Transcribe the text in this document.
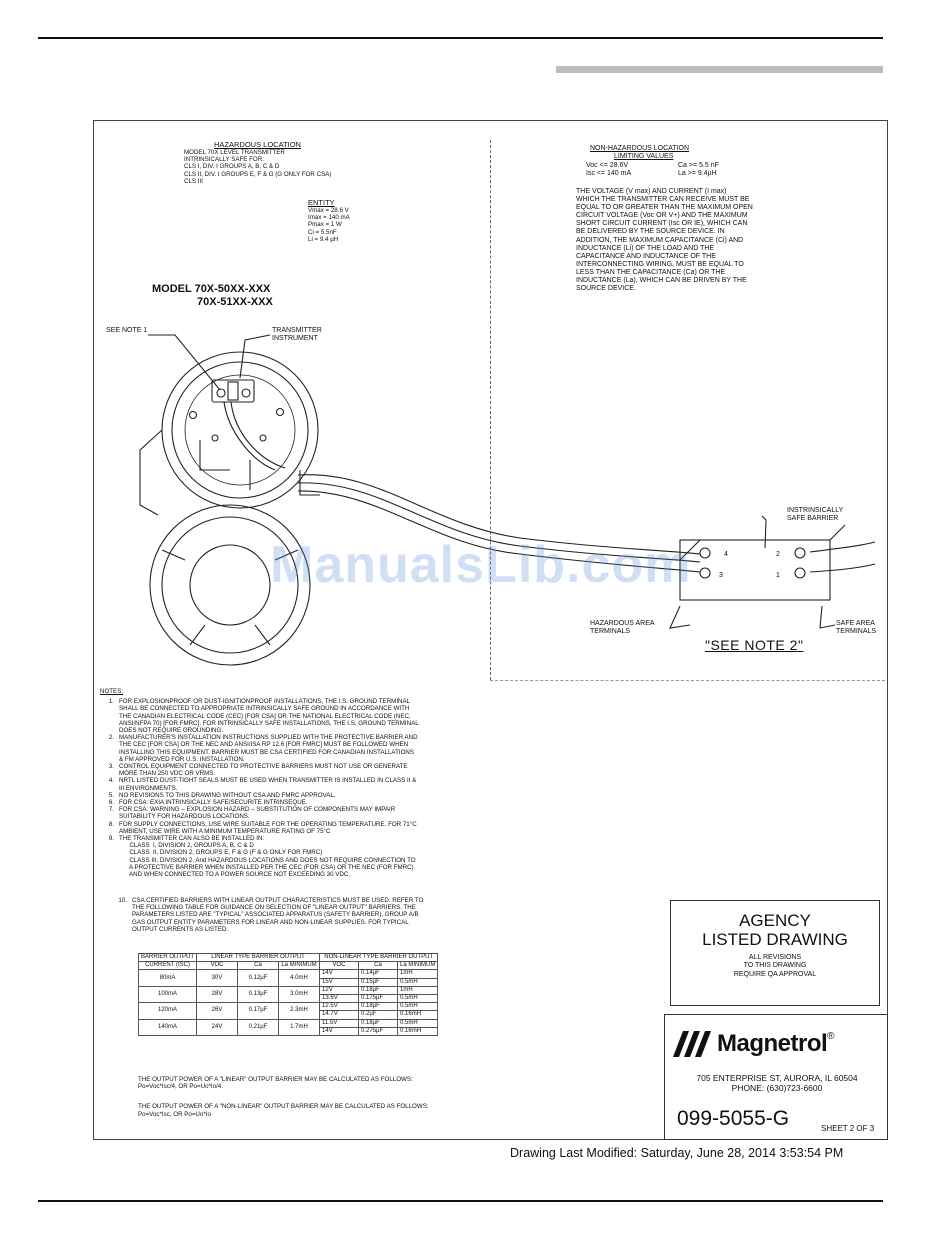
HAZARDOUS LOCATION
MODEL 70X LEVEL TRANSMITTER
INTRINSICALLY SAFE FOR:
CLS I, DIV. I GROUPS A, B, C & D
CLS II, DIV. I GROUPS E, F & G (G ONLY FOR CSA)
CLS III
ENTITY
Vmax = 28.6 V
Imax = 140 mA
Pmax = 1 W
Ci = 5.5nF
Li = 9.4 µH
MODEL 70X-50XX-XXX
70X-51XX-XXX
NON-HAZARDOUS LOCATION
LIMITING VALUES
Voc <= 28.6V
Isc <= 140 mA
Ca >= 5.5 nF
La >= 9.4µH
THE VOLTAGE (V max) AND CURRENT (I max)
WHICH THE TRANSMITTER CAN RECEIVE MUST BE
EQUAL TO OR GREATER THAN THE MAXIMUM OPEN
CIRCUIT VOLTAGE (Voc OR V+) AND THE MAXIMUM
SHORT CIRCUIT CURRENT (Isc OR IE), WHICH CAN
BE DELIVERED BY THE SOURCE DEVICE. IN
ADDITION, THE MAXIMUM CAPACITANCE (Ci) AND
INDUCTANCE (Li) OF THE LOAD AND THE
CAPACITANCE AND INDUCTANCE OF THE
INTERCONNECTING WIRING, MUST BE EQUAL TO
LESS THAN THE CAPACITANCE (Ca) OR THE
INDUCTANCE (La), WHICH CAN BE DRIVEN BY THE
SOURCE DEVICE.
SEE NOTE 1	TRANSMITTER
INSTRUMENT
INSTRINSICALLY
SAFE BARRIER
4
3
2
1
HAZARDOUS AREA
TERMINALS
SAFE AREA
TERMINALS
"SEE NOTE 2"
NOTES:
1. FOR EXPLOSIONPROOF OR DUST-IGNITIONPROOF INSTALLATIONS, THE I.S. GROUND TERMINAL
SHALL BE CONNECTED TO APPROPRIATE INTRINSICALLY SAFE GROUND IN ACCORDANCE WITH
THE CANADIAN ELECTRICAL CODE (CEC) [FOR CSA] OR THE NATIONAL ELECTRICAL CODE (NEC,
ANSI/NFPA 70) [FOR FMRC]. FOR INTRINSICALLY SAFE INSTALLATIONS, THE I.S. GROUND TERMINAL
DOES NOT REQUIRE GROUNDING.
2. MANUFACTURER'S INSTALLATION INSTRUCTIONS SUPPLIED WITH THE PROTECTIVE BARRIER AND
THE CEC [FOR CSA] OR THE NEC AND ANSI/ISA RP 12.6 [FOR FMRC] MUST BE FOLLOWED WHEN
INSTALLING THIS EQUIPMENT. BARRIER MUST BE CSA CERTIFIED FOR CANADIAN INSTALLATIONS
& FM APPROVED FOR U.S. INSTALLATION.
3. CONTROL EQUIPMENT CONNECTED TO PROTECTIVE BARRIERS MUST NOT USE OR GENERATE
MORE THAN 250 VDC OR VRMS.
4. NRTL LISTED DUST-TIGHT SEALS MUST BE USED WHEN TRANSMITTER IS INSTALLED IN CLASS II &
III ENVIRONMENTS.
5. NO REVISIONS TO THIS DRAWING WITHOUT CSA AND FMRC APPROVAL.
6. FOR CSA: EXIA INTRINSICALLY SAFE/SECURITE INTRINSEQUE.
7. FOR CSA: WARNING – EXPLOSION HAZARD – SUBSTITUTION OF COMPONENTS MAY IMPAIR
SUITABILITY FOR HAZARDOUS LOCATIONS.
8. FOR SUPPLY CONNECTIONS, USE WIRE SUITABLE FOR THE OPERATING TEMPERATURE. FOR 71°C
AMBIENT, USE WIRE WITH A MINIMUM TEMPERATURE RATING OF 75°C
9. THE TRANSMITTER CAN ALSO BE INSTALLED IN:
CLASS  I, DIVISION 2, GROUPS A, B, C & D
CLASS  II, DIVISION 2, GROUPS E, F & G (F & G ONLY FOR FMRC)
CLASS III, DIVISION 2, And HAZARDOUS LOCATIONS AND DOES NOT REQUIRE CONNECTION TO
A PROTECTIVE BARRIER WHEN INSTALLED PER THE CEC (FOR CSA) OR THE NEC (FOR FMRC)
AND WHEN CONNECTED TO A POWER SOURCE NOT EXCEEDING 30 VDC.
10. CSA CERTIFIED BARRIERS WITH LINEAR OUTPUT CHARACTERISTICS MUST BE USED. REFER TO
THE FOLLOWING TABLE FOR GUIDANCE ON SELECTION OF "LINEAR OUTPUT" BARRIERS. THE
PARAMETERS LISTED ARE "TYPICAL" ASSOCIATED APPARATUS (SAFETY BARRIER), GROUP A/B
GAS OUTPUT ENTITY PARAMETERS FOR LINEAR AND NON-LINEAR SUPPLIES. FOR TYPICAL
OUTPUT CURRENTS AS LISTED.
BARRIER OUTPUT	LINEAR TYPE BARRIER OUTPUT			NON-LINEAR TYPE BARRIER OUTPUT		
CURRENT (ISC)	VOC	Ca	La MINIMUM	VOC	Ca	La MINIMUM
80mA	30V	0.12µF	4.0mH	14V	0.14µF	1mH
				15V	0.15µF	0.5mH
100mA	28V	0.13µF	3.0mH	12V	0.18µF	1mH
				13.6V	0.175µF	0.5mH
120mA	26V	0.17µF	2.3mH	12.5V	0.18µF	0.5mH
				14.7V	0.2µF	0.16mH
140mA	24V	0.21µF	1.7mH	11.5V	0.18µF	0.5mH
				14V	0.275µF	0.16mH
THE OUTPUT POWER OF A "LINEAR" OUTPUT BARRIER MAY BE CALCULATED AS FOLLOWS:
Po=Voc*Isc/4, OR Po=Uo*Io/4.
THE OUTPUT POWER OF A "NON-LINEAR" OUTPUT BARRIER MAY BE CALCULATED AS FOLLOWS:
Po=Voc*Isc, OR Po=Uo*Io
AGENCY
LISTED DRAWING
ALL REVISIONS
TO THIS DRAWING
REQUIRE QA APPROVAL
Magnetrol ®
705 ENTERPRISE ST, AURORA, IL 60504
PHONE: (630)723-6600
099-5055-G	SHEET 2 OF 3
Drawing Last Modified: Saturday, June 28, 2014 3:53:54 PM
ManualsLib.com
